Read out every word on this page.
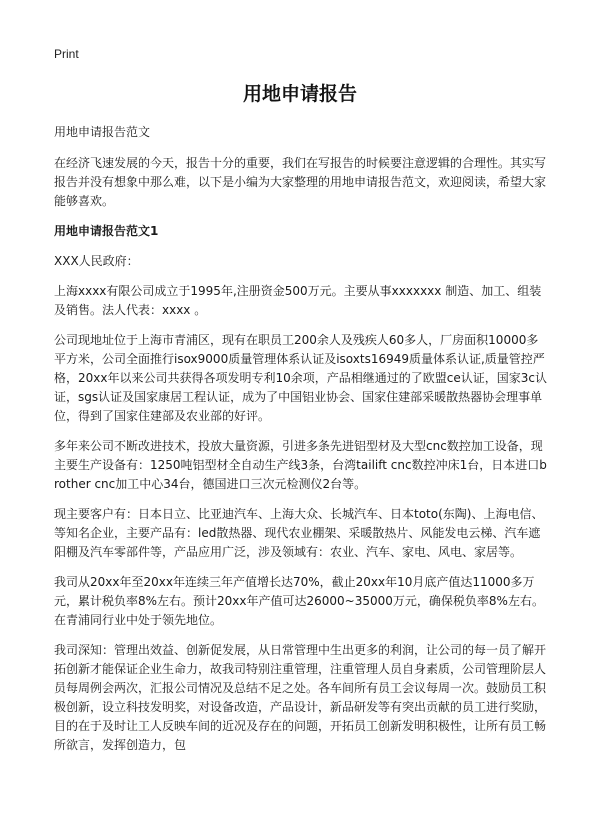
Print
用地申请报告

用地申请报告范文

在经济飞速发展的今天，报告十分的重要，我们在写报告的时候要注意逻辑的合理性。其实写报告并没有想象中那么难，以下是小编为大家整理的用地申请报告范文，欢迎阅读，希望大家能够喜欢。

用地申请报告范文1

XXX人民政府：

上海xxxx有限公司成立于1995年,注册资金500万元。主要从事xxxxxxx 制造、加工、组装及销售。法人代表：xxxx 。

公司现地址位于上海市青浦区，现有在职员工200余人及残疾人60多人，厂房面积10000多平方米，公司全面推行isox9000质量管理体系认证及isoxts16949质量体系认证,质量管控严格，20xx年以来公司共获得各项发明专利10余项，产品相继通过的了欧盟ce认证，国家3c认证，sgs认证及国家康居工程认证，成为了中国铝业协会、国家住建部采暖散热器协会理事单位，得到了国家住建部及农业部的好评。

多年来公司不断改进技术，投放大量资源，引进多条先进铝型材及大型cnc数控加工设备，现主要生产设备有：1250吨铝型材全自动生产线3条，台湾tailift cnc数控冲床1台，日本进口brother cnc加工中心34台，德国进口三次元检测仪2台等。

现主要客户有：日本日立、比亚迪汽车、上海大众、长城汽车、日本toto(东陶)、上海电信、等知名企业，主要产品有：led散热器、现代农业棚架、采暖散热片、风能发电云梯、汽车遮阳棚及汽车零部件等，产品应用广泛，涉及领域有：农业、汽车、家电、风电、家居等。

我司从20xx年至20xx年连续三年产值增长达70%，截止20xx年10月底产值达11000多万元，累计税负率8%左右。预计20xx年产值可达26000~35000万元，确保税负率8%左右。在青浦同行业中处于领先地位。

我司深知：管理出效益、创新促发展，从日常管理中生出更多的利润，让公司的每一员了解开拓创新才能保证企业生命力，故我司特别注重管理，注重管理人员自身素质，公司管理阶层人员每周例会两次，汇报公司情况及总结不足之处。各车间所有员工会议每周一次。鼓励员工积极创新，设立科技发明奖，对设备改造，产品设计，新品研发等有突出贡献的员工进行奖励，目的在于及时让工人反映车间的近况及存在的问题，开拓员工创新发明积极性，让所有员工畅所欲言，发挥创造力，包
